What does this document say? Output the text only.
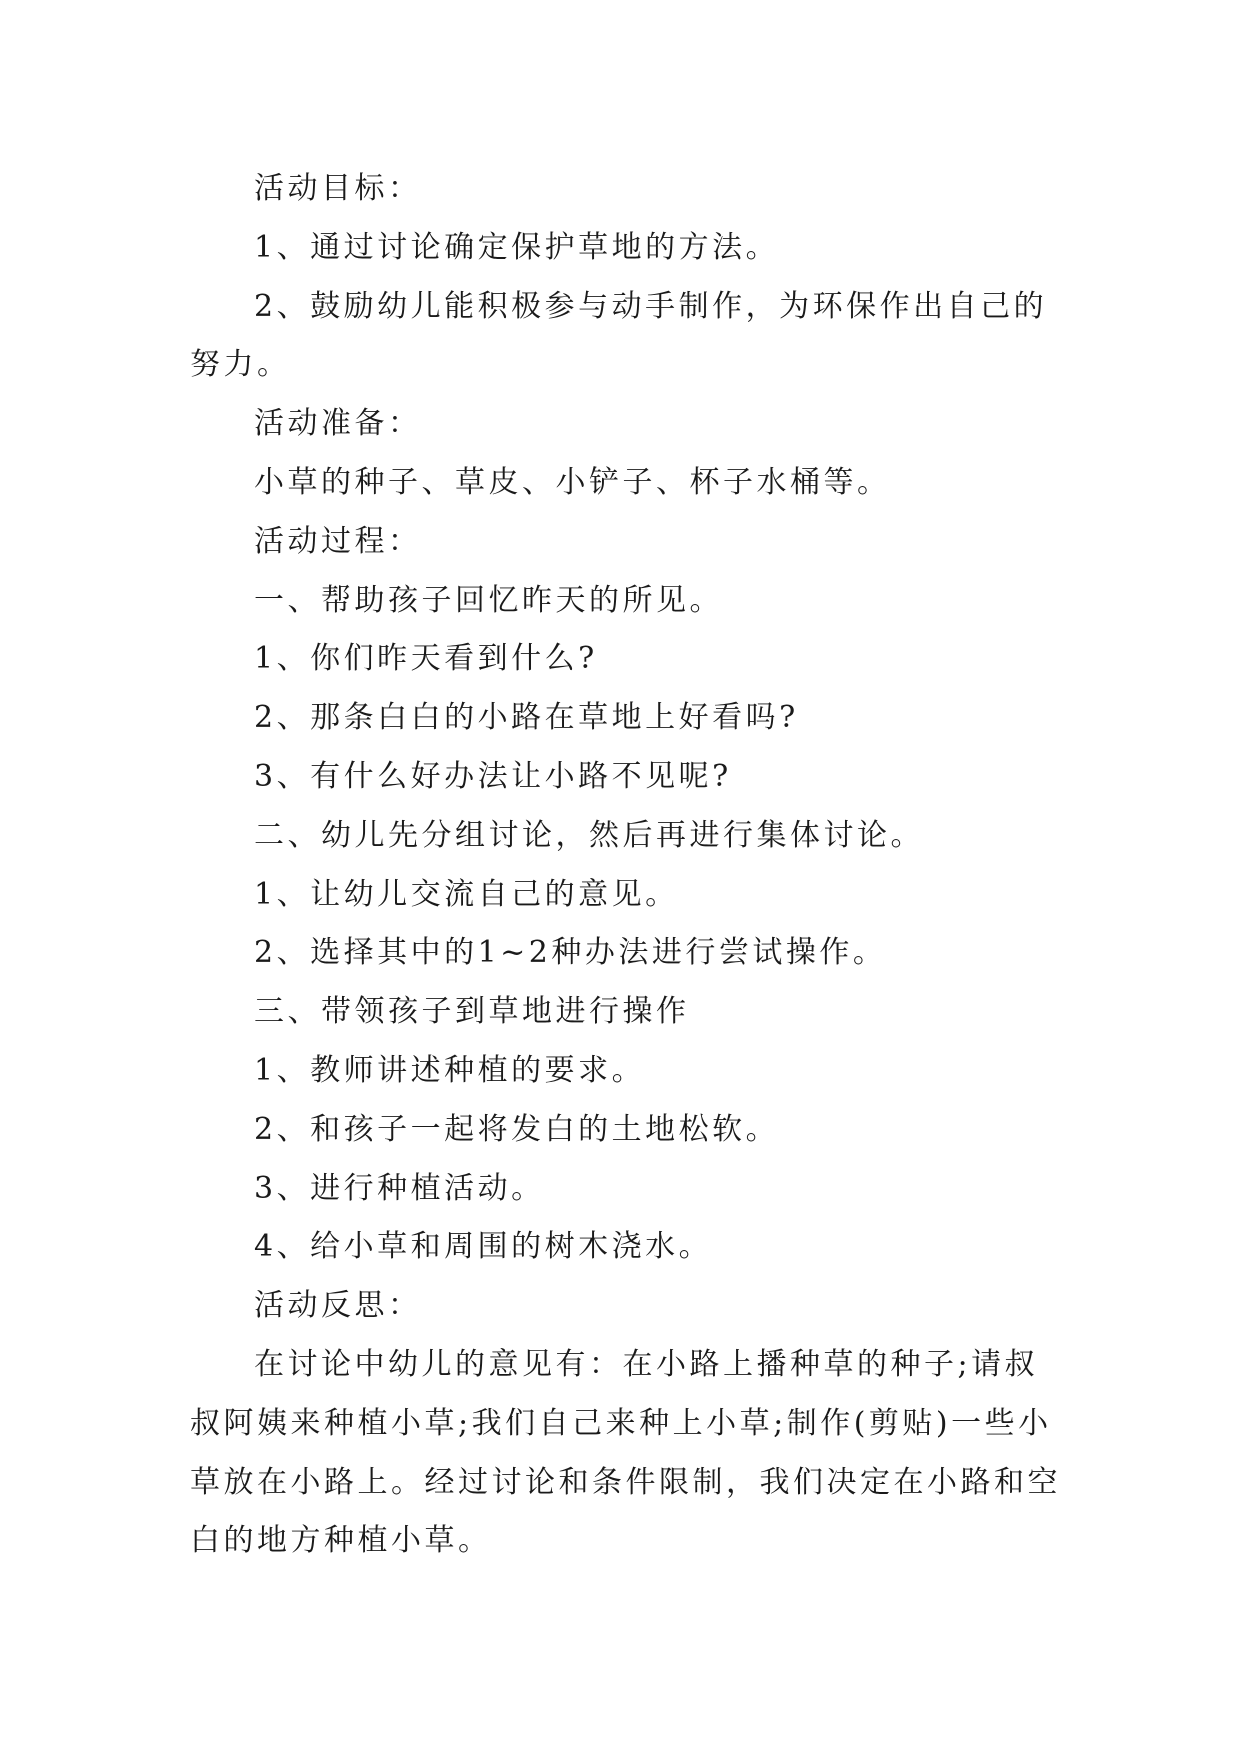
活动目标：

1、通过讨论确定保护草地的方法。

2、鼓励幼儿能积极参与动手制作，为环保作出自己的努力。

活动准备：

小草的种子、草皮、小铲子、杯子水桶等。

活动过程：

一、帮助孩子回忆昨天的所见。

1、你们昨天看到什么?

2、那条白白的小路在草地上好看吗?

3、有什么好办法让小路不见呢?

二、幼儿先分组讨论，然后再进行集体讨论。

1、让幼儿交流自己的意见。

2、选择其中的1~2种办法进行尝试操作。

三、带领孩子到草地进行操作

1、教师讲述种植的要求。

2、和孩子一起将发白的土地松软。

3、进行种植活动。

4、给小草和周围的树木浇水。

活动反思：

在讨论中幼儿的意见有：在小路上播种草的种子;请叔叔阿姨来种植小草;我们自己来种上小草;制作(剪贴)一些小草放在小路上。经过讨论和条件限制，我们决定在小路和空白的地方种植小草。
